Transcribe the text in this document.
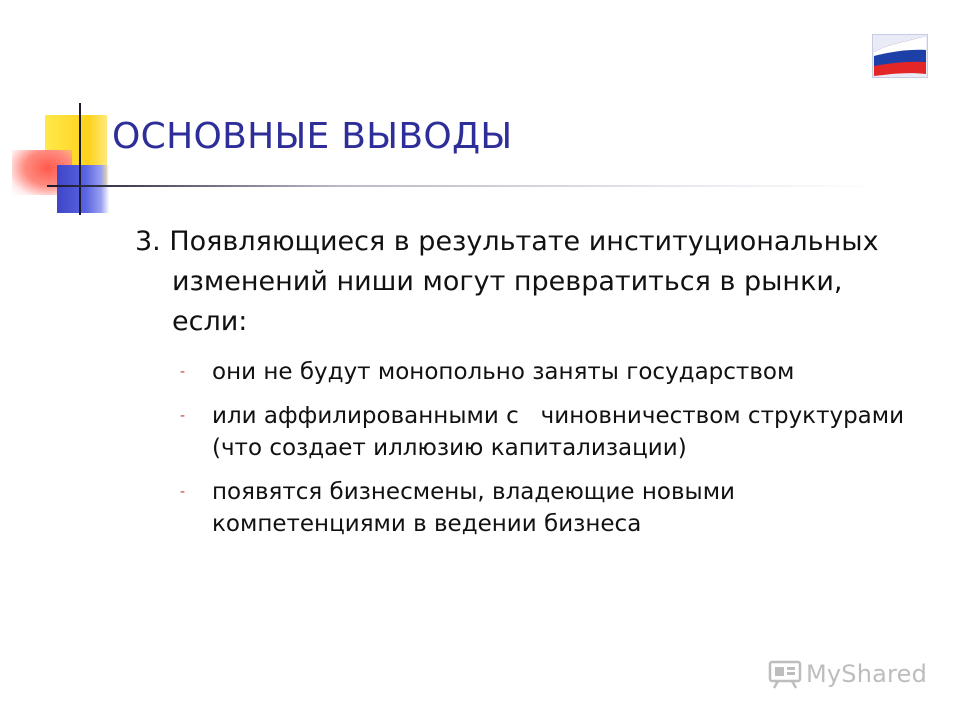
ОСНОВНЫЕ ВЫВОДЫ

3. Появляющиеся в результате институциональных изменений ниши могут превратиться в рынки, если:

- они не будут монопольно заняты государством
- или аффилированными с   чиновничеством структурами (что создает иллюзию капитализации)
- появятся бизнесмены, владеющие новыми компетенциями в ведении бизнеса
MyShared
